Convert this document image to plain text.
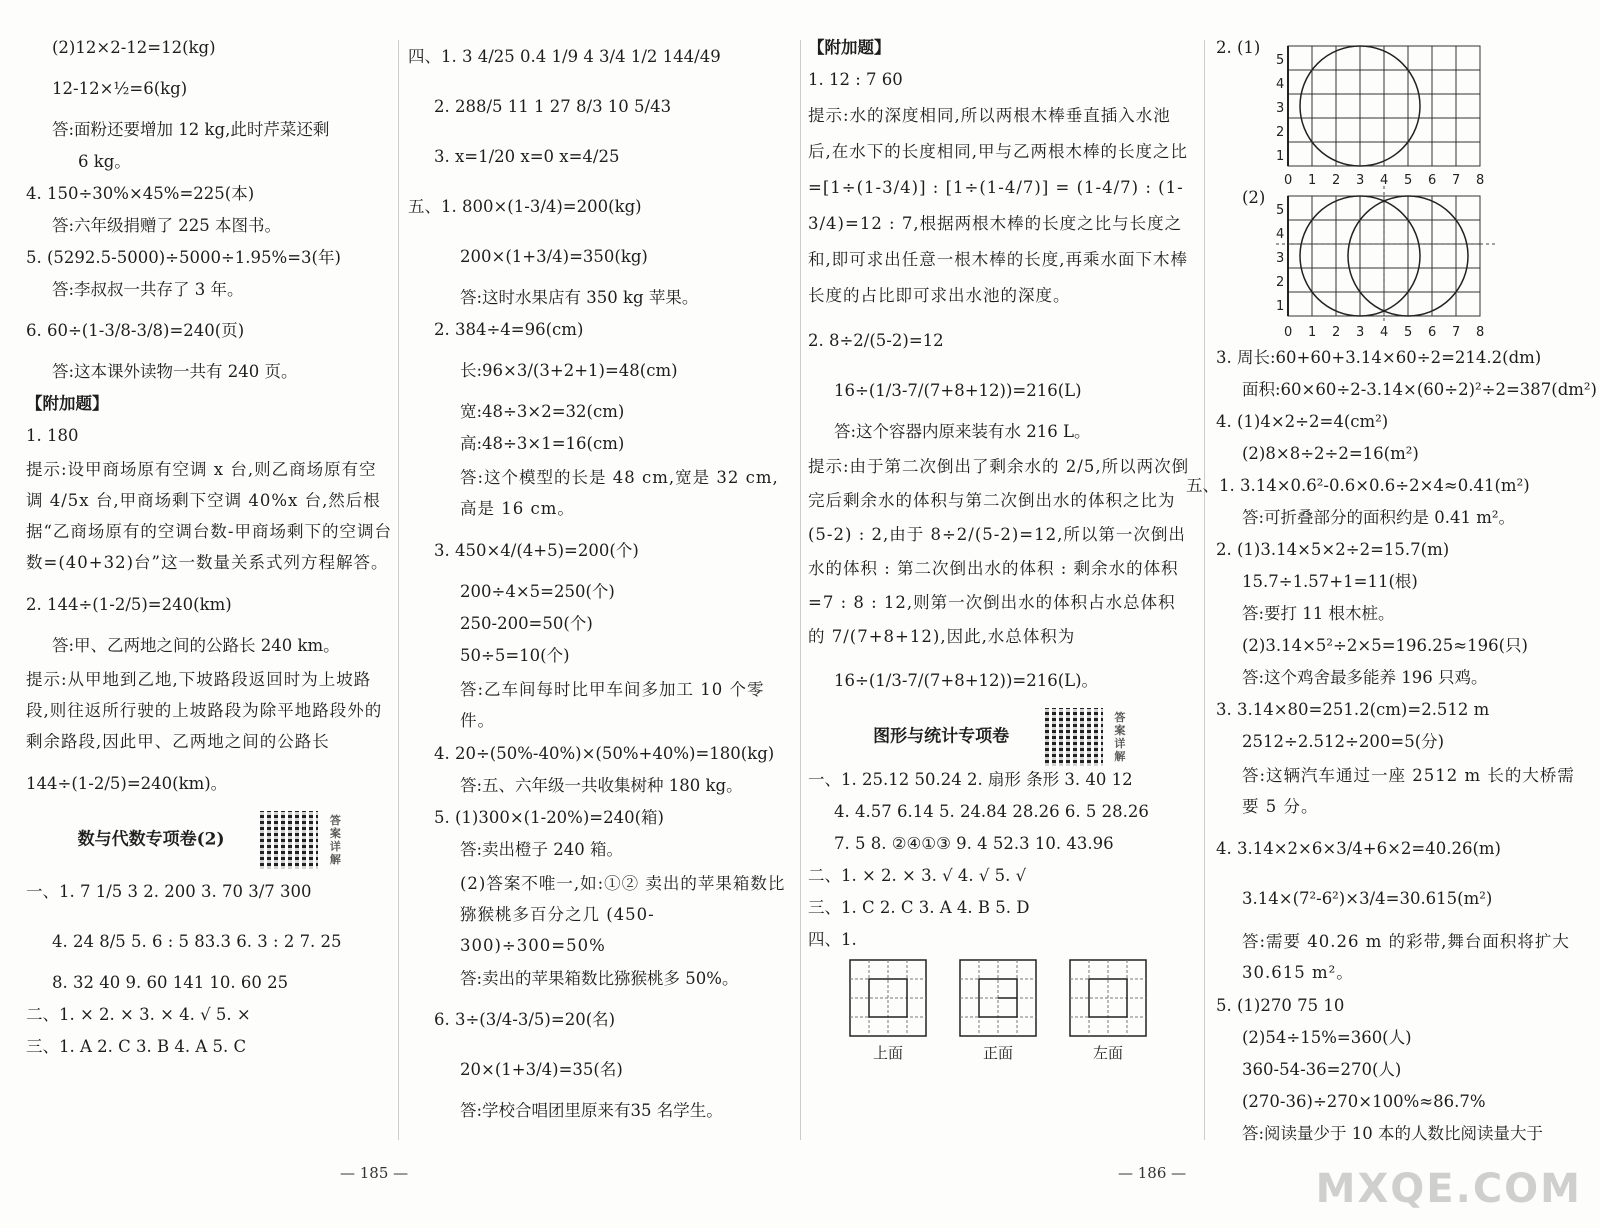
(2)12×2-12=12(kg)
12-12×½=6(kg)
答:面粉还要增加 12 kg,此时芹菜还剩
6 kg。
4. 150÷30%×45%=225(本)
答:六年级捐赠了 225 本图书。
5. (5292.5-5000)÷5000÷1.95%=3(年)
答:李叔叔一共存了 3 年。
6. 60÷(1-3/8-3/8)=240(页)
答:这本课外读物一共有 240 页。
【附加题】
1. 180
提示:设甲商场原有空调 x 台,则乙商场原有空调 4/5x 台,甲商场剩下空调 40%x 台,然后根据“乙商场原有的空调台数-甲商场剩下的空调台数=(40+32)台”这一数量关系式列方程解答。
2. 144÷(1-2/5)=240(km)
答:甲、乙两地之间的公路长 240 km。
提示:从甲地到乙地,下坡路段返回时为上坡路段,则往返所行驶的上坡路段为除平地路段外的剩余路段,因此甲、乙两地之间的公路长
144÷(1-2/5)=240(km)。
数与代数专项卷(2)  答案详解
一、1. 7 1/5 3 2. 200 3. 70 3/7 300
4. 24 8/5 5. 6 : 5 83.3 6. 3 : 2 7. 25
8. 32 40 9. 60 141 10. 60 25
二、1. × 2. × 3. × 4. √ 5. ×
三、1. A 2. C 3. B 4. A 5. C
四、1. 3 4/25 0.4 1/9 4 3/4 1/2 144/49
2. 288/5 11 1 27 8/3 10 5/43
3. x=1/20 x=0 x=4/25
五、1. 800×(1-3/4)=200(kg)
200×(1+3/4)=350(kg)
答:这时水果店有 350 kg 苹果。
2. 384÷4=96(cm)
长:96×3/(3+2+1)=48(cm)
宽:48÷3×2=32(cm)
高:48÷3×1=16(cm)
答:这个模型的长是 48 cm,宽是 32 cm,高是 16 cm。
3. 450×4/(4+5)=200(个)
200÷4×5=250(个)
250-200=50(个)
50÷5=10(个)
答:乙车间每时比甲车间多加工 10 个零件。
4. 20÷(50%-40%)×(50%+40%)=180(kg)
答:五、六年级一共收集树种 180 kg。
5. (1)300×(1-20%)=240(箱)
答:卖出橙子 240 箱。
(2)答案不唯一,如:①② 卖出的苹果箱数比猕猴桃多百分之几 (450-300)÷300=50%
答:卖出的苹果箱数比猕猴桃多 50%。
6. 3÷(3/4-3/5)=20(名)
20×(1+3/4)=35(名)
答:学校合唱团里原来有35 名学生。
【附加题】
1. 12 : 7 60
提示:水的深度相同,所以两根木棒垂直插入水池后,在水下的长度相同,甲与乙两根木棒的长度之比=[1÷(1-3/4)] : [1÷(1-4/7)] = (1-4/7) : (1-3/4)=12 : 7,根据两根木棒的长度之比与长度之和,即可求出任意一根木棒的长度,再乘水面下木棒长度的占比即可求出水池的深度。
2. 8÷2/(5-2)=12
16÷(1/3-7/(7+8+12))=216(L)
答:这个容器内原来装有水 216 L。
提示:由于第二次倒出了剩余水的 2/5,所以两次倒完后剩余水的体积与第二次倒出水的体积之比为(5-2) : 2,由于 8÷2/(5-2)=12,所以第一次倒出水的体积 : 第二次倒出水的体积 : 剩余水的体积=7 : 8 : 12,则第一次倒出水的体积占水总体积的 7/(7+8+12),因此,水总体积为
16÷(1/3-7/(7+8+12))=216(L)。
图形与统计专项卷  答案详解
一、1. 25.12 50.24 2. 扇形 条形 3. 40 12
4. 4.57 6.14 5. 24.84 28.26 6. 5 28.26
7. 5 8. ②④①③ 9. 4 52.3 10. 43.96
二、1. × 2. × 3. √ 4. √ 5. √
三、1. C 2. C 3. A 4. B 5. D
四、1.
上面	正面	左面
2. (1)
5
4
3
2
1
0 1 2 3 4 5 6 7 8
(2)
5
4
3
2
1
0 1 2 3 4 5 6 7 8
3. 周长:60+60+3.14×60÷2=214.2(dm)
面积:60×60÷2-3.14×(60÷2)²÷2=387(dm²)
4. (1)4×2÷2=4(cm²)
(2)8×8÷2÷2=16(m²)
五、1. 3.14×0.6²-0.6×0.6÷2×4≈0.41(m²)
答:可折叠部分的面积约是 0.41 m²。
2. (1)3.14×5×2÷2=15.7(m)
15.7÷1.57+1=11(根)
答:要打 11 根木桩。
(2)3.14×5²÷2×5=196.25≈196(只)
答:这个鸡舍最多能养 196 只鸡。
3. 3.14×80=251.2(cm)=2.512 m
2512÷2.512÷200=5(分)
答:这辆汽车通过一座 2512 m 长的大桥需要 5 分。
4. 3.14×2×6×3/4+6×2=40.26(m)
3.14×(7²-6²)×3/4=30.615(m²)
答:需要 40.26 m 的彩带,舞台面积将扩大 30.615 m²。
5. (1)270 75 10
(2)54÷15%=360(人)
360-54-36=270(人)
(270-36)÷270×100%≈86.7%
答:阅读量少于 10 本的人数比阅读量大于
— 185 —	— 186 —	MXQE.COM
